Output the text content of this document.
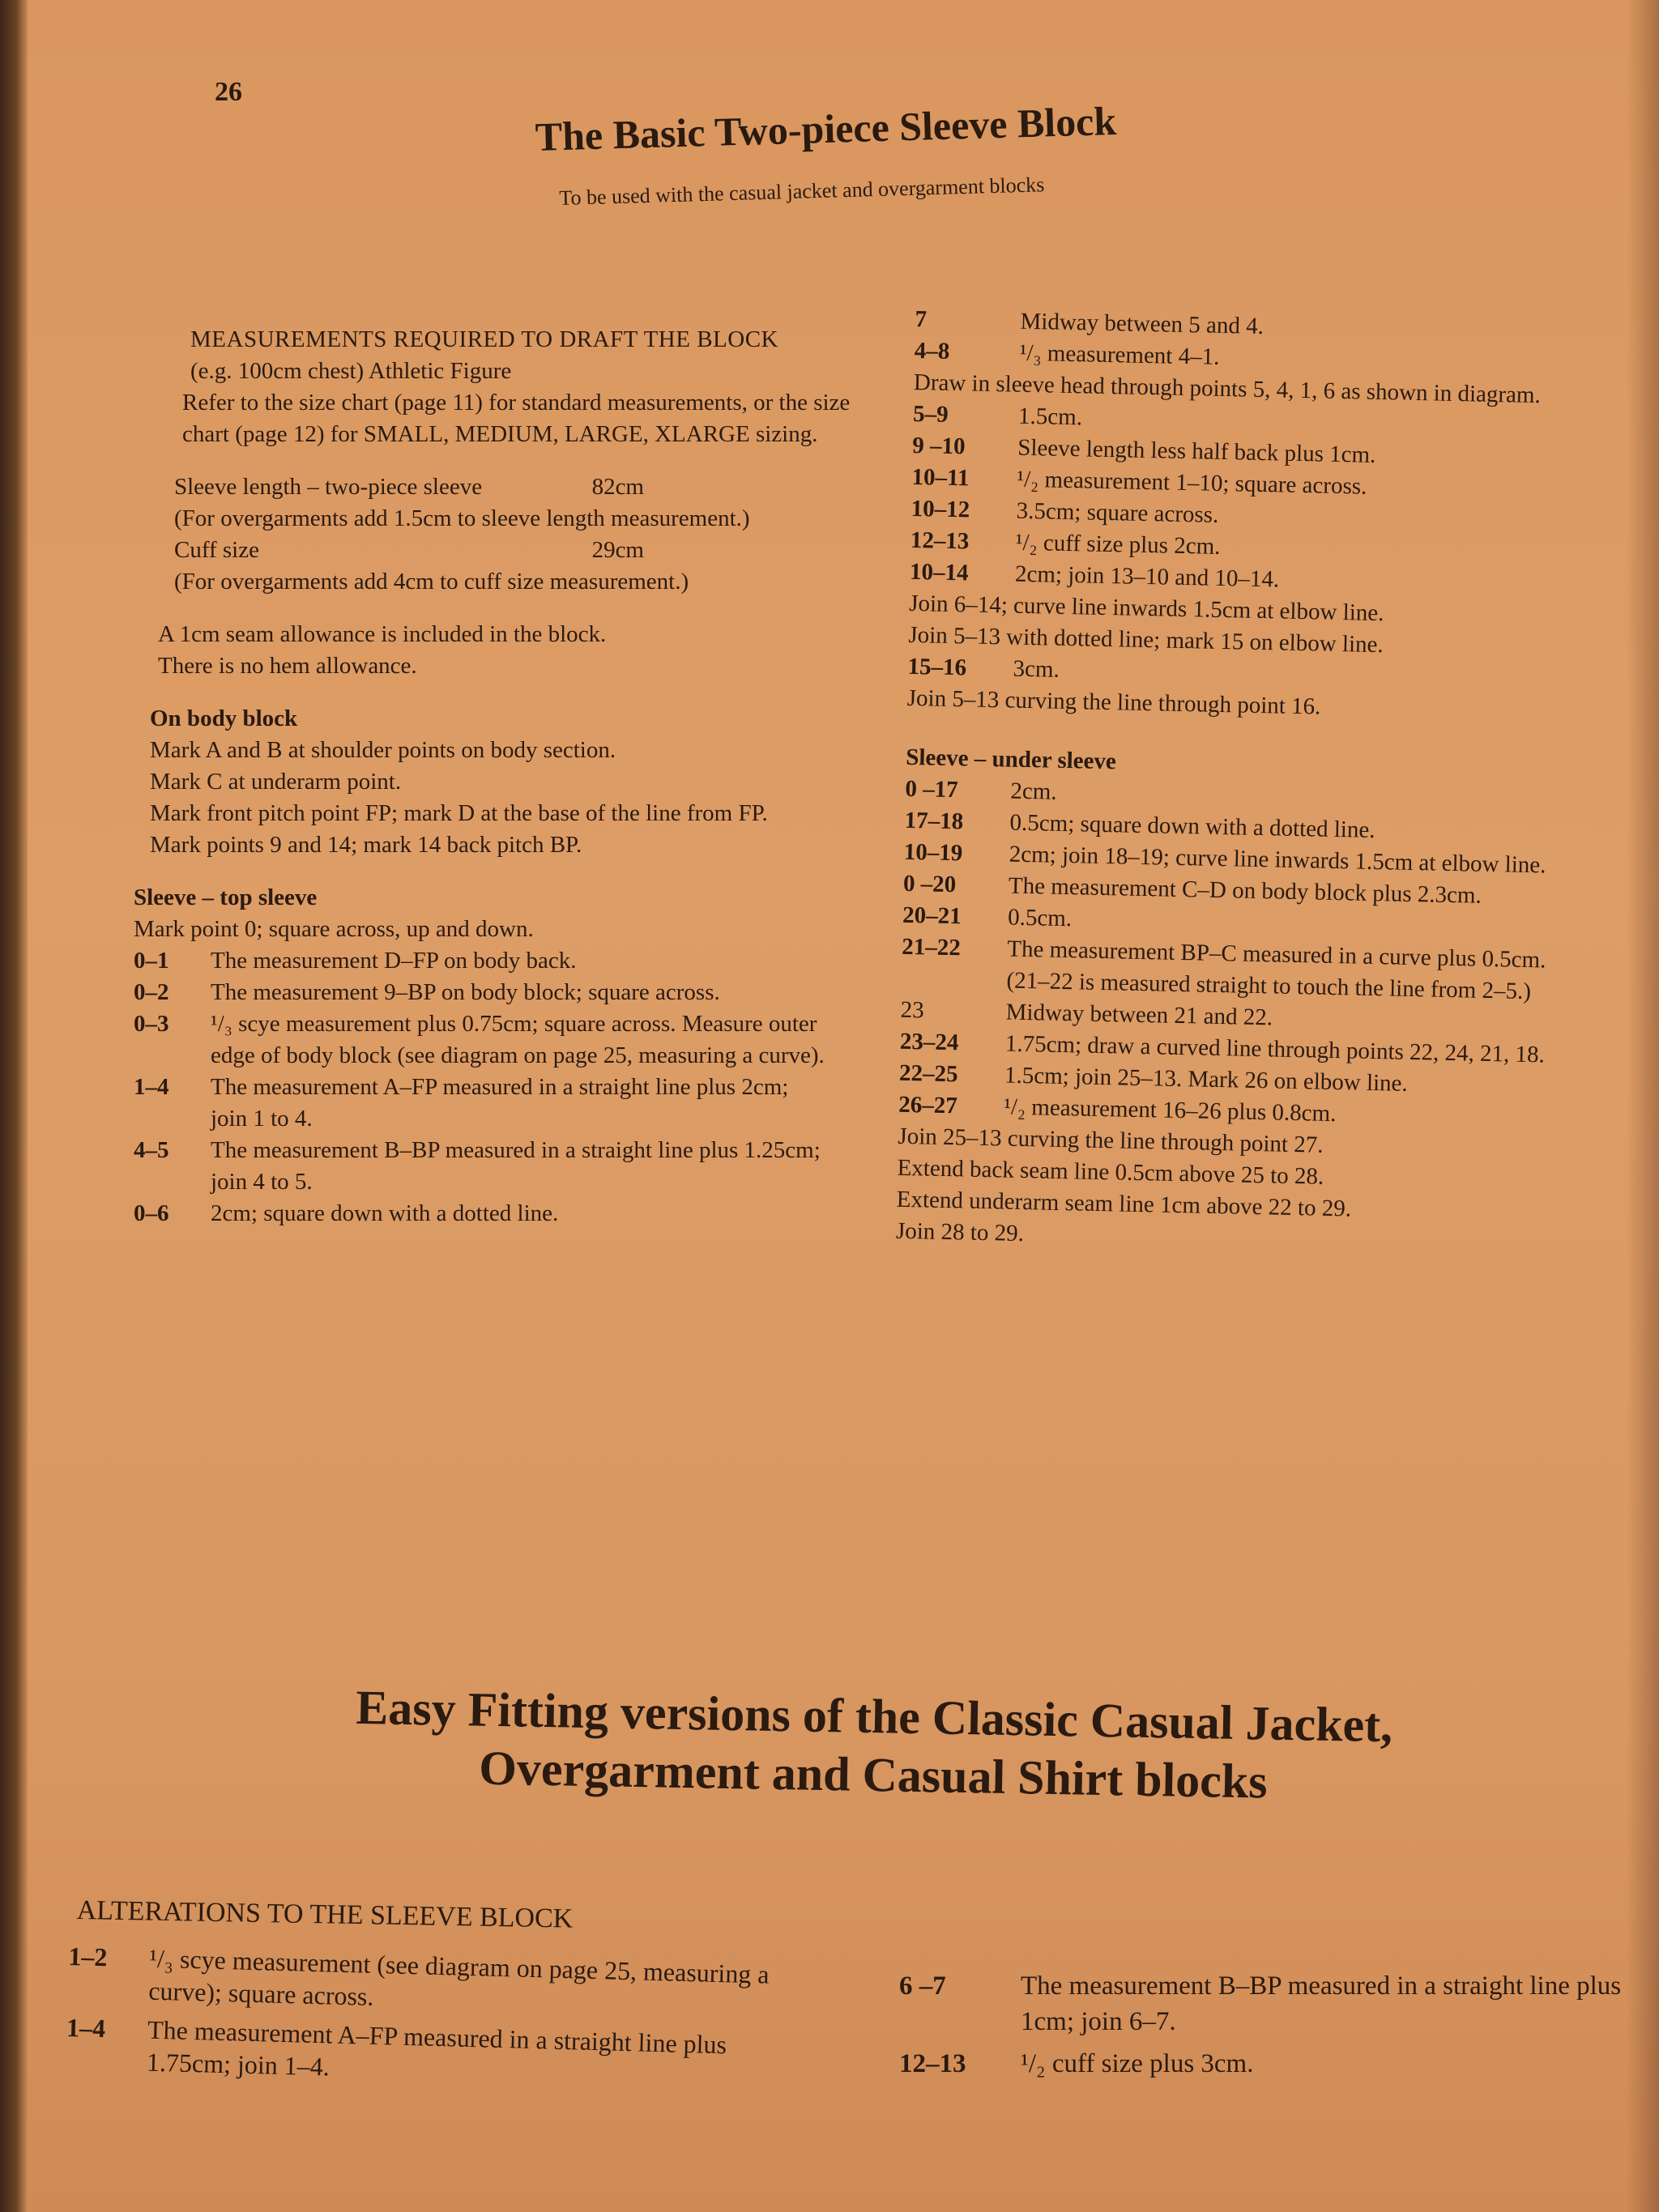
26
The Basic Two-piece Sleeve Block
To be used with the casual jacket and overgarment blocks
MEASUREMENTS REQUIRED TO DRAFT THE BLOCK
(e.g. 100cm chest) Athletic Figure
Refer to the size chart (page 11) for standard measurements, or the size chart (page 12) for SMALL, MEDIUM, LARGE, XLARGE sizing.
Sleeve length – two-piece sleeve	82cm
(For overgarments add 1.5cm to sleeve length measurement.)
Cuff size	29cm
(For overgarments add 4cm to cuff size measurement.)
A 1cm seam allowance is included in the block.
There is no hem allowance.
On body block
Mark A and B at shoulder points on body section.
Mark C at underarm point.
Mark front pitch point FP; mark D at the base of the line from FP.
Mark points 9 and 14; mark 14 back pitch BP.
Sleeve – top sleeve
Mark point 0; square across, up and down.
0–1	The measurement D–FP on body back.
0–2	The measurement 9–BP on body block; square across.
0–3	¹/₃ scye measurement plus 0.75cm; square across. Measure outer edge of body block (see diagram on page 25, measuring a curve).
1–4	The measurement A–FP measured in a straight line plus 2cm; join 1 to 4.
4–5	The measurement B–BP measured in a straight line plus 1.25cm; join 4 to 5.
0–6	2cm; square down with a dotted line.
7	Midway between 5 and 4.
4–8	¹/₃ measurement 4–1.
Draw in sleeve head through points 5, 4, 1, 6 as shown in diagram.
5–9	1.5cm.
9 –10	Sleeve length less half back plus 1cm.
10–11	¹/₂ measurement 1–10; square across.
10–12	3.5cm; square across.
12–13	¹/₂ cuff size plus 2cm.
10–14	2cm; join 13–10 and 10–14.
Join 6–14; curve line inwards 1.5cm at elbow line.
Join 5–13 with dotted line; mark 15 on elbow line.
15–16	3cm.
Join 5–13 curving the line through point 16.
Sleeve – under sleeve
0 –17	2cm.
17–18	0.5cm; square down with a dotted line.
10–19	2cm; join 18–19; curve line inwards 1.5cm at elbow line.
0 –20	The measurement C–D on body block plus 2.3cm.
20–21	0.5cm.
21–22	The measurement BP–C measured in a curve plus 0.5cm. (21–22 is measured straight to touch the line from 2–5.)
23	Midway between 21 and 22.
23–24	1.75cm; draw a curved line through points 22, 24, 21, 18.
22–25	1.5cm; join 25–13. Mark 26 on elbow line.
26–27	¹/₂ measurement 16–26 plus 0.8cm.
Join 25–13 curving the line through point 27.
Extend back seam line 0.5cm above 25 to 28.
Extend underarm seam line 1cm above 22 to 29.
Join 28 to 29.
Easy Fitting versions of the Classic Casual Jacket,
Overgarment and Casual Shirt blocks
ALTERATIONS TO THE SLEEVE BLOCK
1–2	¹/₃ scye measurement (see diagram on page 25, measuring a curve); square across.
1–4	The measurement A–FP measured in a straight line plus 1.75cm; join 1–4.
6 –7	The measurement B–BP measured in a straight line plus 1cm; join 6–7.
12–13	¹/₂ cuff size plus 3cm.
